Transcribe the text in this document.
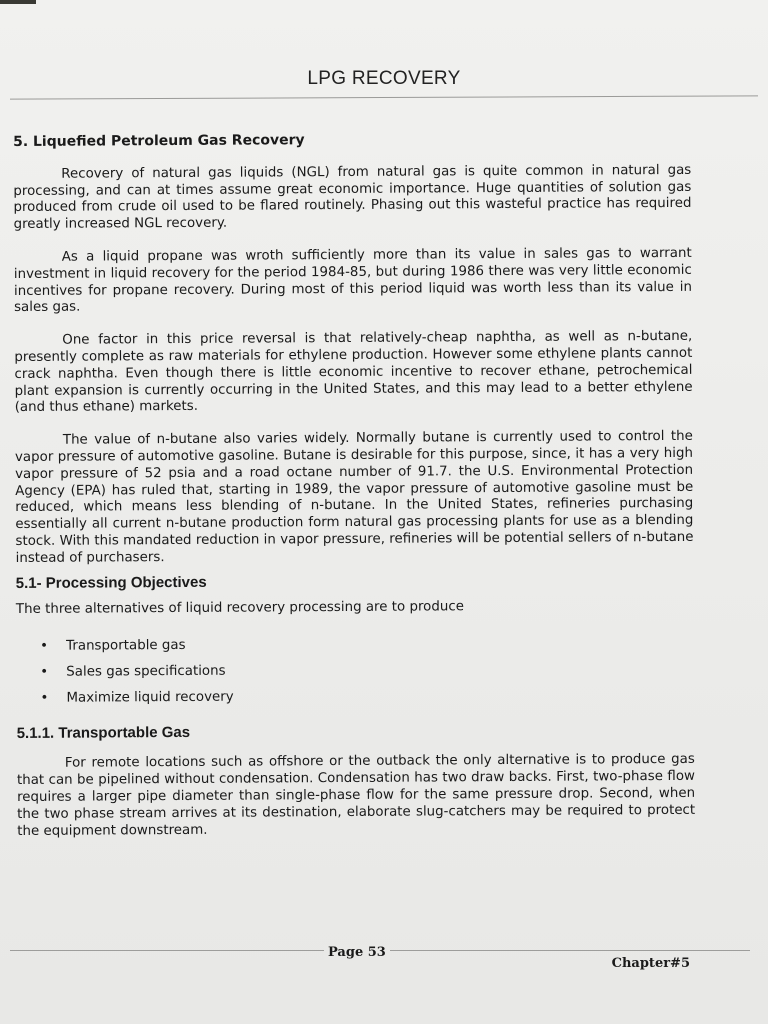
LPG RECOVERY
5. Liquefied Petroleum Gas Recovery

Recovery of natural gas liquids (NGL) from natural gas is quite common in natural gas processing, and can at times assume great economic importance. Huge quantities of solution gas produced from crude oil used to be flared routinely. Phasing out this wasteful practice has required greatly increased NGL recovery.

As a liquid propane was wroth sufficiently more than its value in sales gas to warrant investment in liquid recovery for the period 1984-85, but during 1986 there was very little economic incentives for propane recovery. During most of this period liquid was worth less than its value in sales gas.

One factor in this price reversal is that relatively-cheap naphtha, as well as n-butane, presently complete as raw materials for ethylene production. However some ethylene plants cannot crack naphtha. Even though there is little economic incentive to recover ethane, petrochemical plant expansion is currently occurring in the United States, and this may lead to a better ethylene (and thus ethane) markets.

The value of n-butane also varies widely. Normally butane is currently used to control the vapor pressure of automotive gasoline. Butane is desirable for this purpose, since, it has a very high vapor pressure of 52 psia and a road octane number of 91.7. the U.S. Environmental Protection Agency (EPA) has ruled that, starting in 1989, the vapor pressure of automotive gasoline must be reduced, which means less blending of n-butane. In the United States, refineries purchasing essentially all current n-butane production form natural gas processing plants for use as a blending stock. With this mandated reduction in vapor pressure, refineries will be potential sellers of n-butane instead of purchasers.

5.1- Processing Objectives

The three alternatives of liquid recovery processing are to produce

• Transportable gas
• Sales gas specifications
• Maximize liquid recovery
5.1.1. Transportable Gas

For remote locations such as offshore or the outback the only alternative is to produce gas that can be pipelined without condensation. Condensation has two draw backs. First, two-phase flow requires a larger pipe diameter than single-phase flow for the same pressure drop. Second, when the two phase stream arrives at its destination, elaborate slug-catchers may be required to protect the equipment downstream.

Page 53
Chapter#5
